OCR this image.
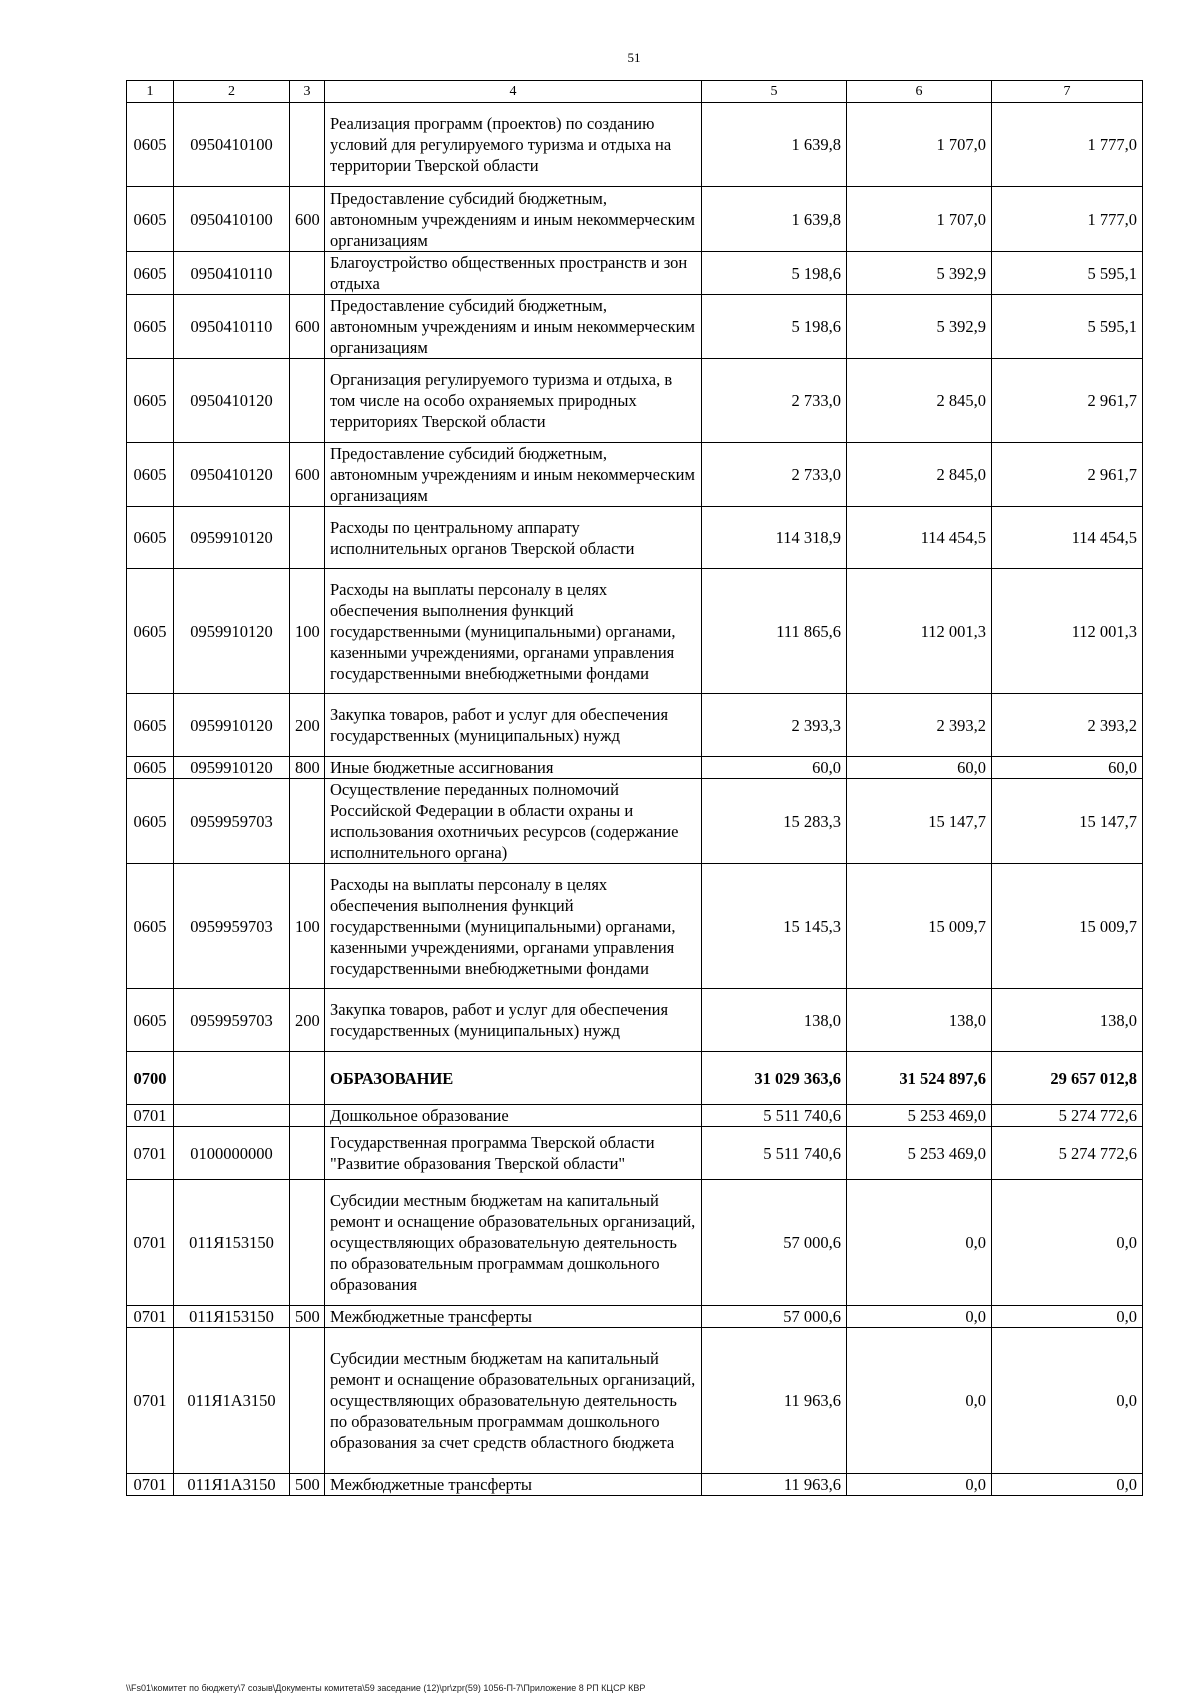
51
1	2	3	4	5	6	7
0605	0950410100		Реализация программ (проектов) по созданию условий для регулируемого туризма и отдыха на территории Тверской области	1 639,8	1 707,0	1 777,0
0605	0950410100	600	Предоставление субсидий бюджетным, автономным учреждениям и иным некоммерческим организациям	1 639,8	1 707,0	1 777,0
0605	0950410110		Благоустройство общественных пространств и зон отдыха	5 198,6	5 392,9	5 595,1
0605	0950410110	600	Предоставление субсидий бюджетным, автономным учреждениям и иным некоммерческим организациям	5 198,6	5 392,9	5 595,1
0605	0950410120		Организация регулируемого туризма и отдыха, в том числе на особо охраняемых природных территориях Тверской области	2 733,0	2 845,0	2 961,7
0605	0950410120	600	Предоставление субсидий бюджетным, автономным учреждениям и иным некоммерческим организациям	2 733,0	2 845,0	2 961,7
0605	0959910120		Расходы по центральному аппарату исполнительных органов Тверской области	114 318,9	114 454,5	114 454,5
0605	0959910120	100	Расходы на выплаты персоналу в целях обеспечения выполнения функций государственными (муниципальными) органами, казенными учреждениями, органами управления государственными внебюджетными фондами	111 865,6	112 001,3	112 001,3
0605	0959910120	200	Закупка товаров, работ и услуг для обеспечения государственных (муниципальных) нужд	2 393,3	2 393,2	2 393,2
0605	0959910120	800	Иные бюджетные ассигнования	60,0	60,0	60,0
0605	0959959703		Осуществление переданных полномочий Российской Федерации в области охраны и использования охотничьих ресурсов (содержание исполнительного органа)	15 283,3	15 147,7	15 147,7
0605	0959959703	100	Расходы на выплаты персоналу в целях обеспечения выполнения функций государственными (муниципальными) органами, казенными учреждениями, органами управления государственными внебюджетными фондами	15 145,3	15 009,7	15 009,7
0605	0959959703	200	Закупка товаров, работ и услуг для обеспечения государственных (муниципальных) нужд	138,0	138,0	138,0
0700			ОБРАЗОВАНИЕ	31 029 363,6	31 524 897,6	29 657 012,8
0701			Дошкольное образование	5 511 740,6	5 253 469,0	5 274 772,6
0701	0100000000		Государственная программа Тверской области "Развитие образования Тверской области"	5 511 740,6	5 253 469,0	5 274 772,6
0701	011Я153150		Субсидии местным бюджетам на капитальный ремонт и оснащение образовательных организаций, осуществляющих образовательную деятельность по образовательным программам дошкольного образования	57 000,6	0,0	0,0
0701	011Я153150	500	Межбюджетные трансферты	57 000,6	0,0	0,0
0701	011Я1А3150		Субсидии местным бюджетам на капитальный ремонт и оснащение образовательных организаций, осуществляющих образовательную деятельность по образовательным программам дошкольного образования за счет средств областного бюджета	11 963,6	0,0	0,0
0701	011Я1А3150	500	Межбюджетные трансферты	11 963,6	0,0	0,0
\\Fs01\комитет по бюджету\7 созыв\Документы комитета\59 заседание (12)\pr\zpr(59) 1056-П-7\Приложение 8 РП КЦСР КВР
